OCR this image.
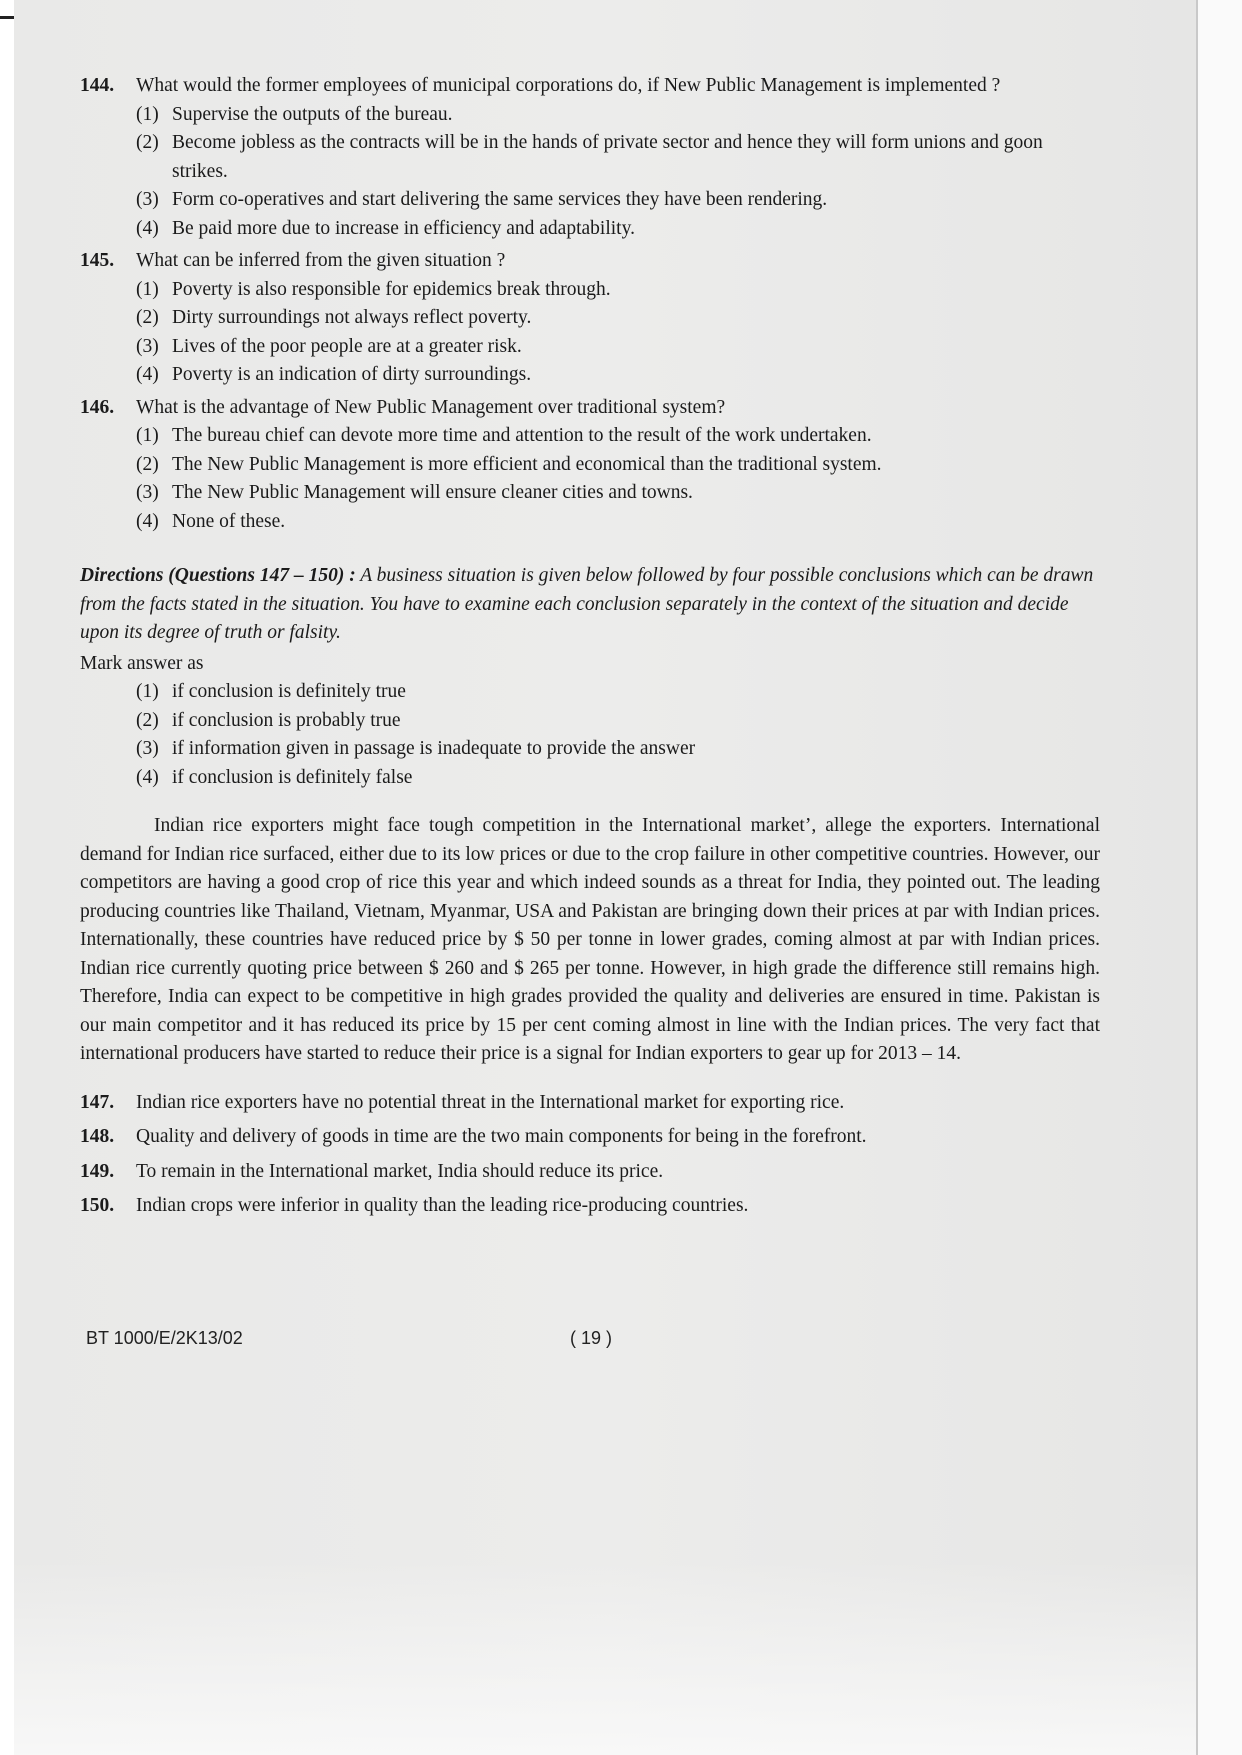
144.	What would the former employees of municipal corporations do, if New Public Management is implemented ?
(1) Supervise the outputs of the bureau.
(2) Become jobless as the contracts will be in the hands of private sector and hence they will form unions and goon strikes.
(3) Form co-operatives and start delivering the same services they have been rendering.
(4) Be paid more due to increase in efficiency and adaptability.
145.	What can be inferred from the given situation ?
(1) Poverty is also responsible for epidemics break through.
(2) Dirty surroundings not always reflect poverty.
(3) Lives of the poor people are at a greater risk.
(4) Poverty is an indication of dirty surroundings.
146.	What is the advantage of New Public Management over traditional system?
(1) The bureau chief can devote more time and attention to the result of the work undertaken.
(2) The New Public Management is more efficient and economical than the traditional system.
(3) The New Public Management will ensure cleaner cities and towns.
(4) None of these.
Directions (Questions 147 – 150) : A business situation is given below followed by four possible conclusions which can be drawn from the facts stated in the situation. You have to examine each conclusion separately in the context of the situation and decide upon its degree of truth or falsity.
Mark answer as
(1) if conclusion is definitely true
(2) if conclusion is probably true
(3) if information given in passage is inadequate to provide the answer
(4) if conclusion is definitely false
Indian rice exporters might face tough competition in the International market’, allege the exporters. International demand for Indian rice surfaced, either due to its low prices or due to the crop failure in other competitive countries. However, our competitors are having a good crop of rice this year and which indeed sounds as a threat for India, they pointed out. The leading producing countries like Thailand, Vietnam, Myanmar, USA and Pakistan are bringing down their prices at par with Indian prices. Internationally, these countries have reduced price by $ 50 per tonne in lower grades, coming almost at par with Indian prices. Indian rice currently quoting price between $ 260 and $ 265 per tonne. However, in high grade the difference still remains high. Therefore, India can expect to be competitive in high grades provided the quality and deliveries are ensured in time. Pakistan is our main competitor and it has reduced its price by 15 per cent coming almost in line with the Indian prices. The very fact that international producers have started to reduce their price is a signal for Indian exporters to gear up for 2013 – 14.
147.	Indian rice exporters have no potential threat in the International market for exporting rice.
148.	Quality and delivery of goods in time are the two main components for being in the forefront.
149.	To remain in the International market, India should reduce its price.
150.	Indian crops were inferior in quality than the leading rice-producing countries.
BT 1000/E/2K13/02	( 19 )
